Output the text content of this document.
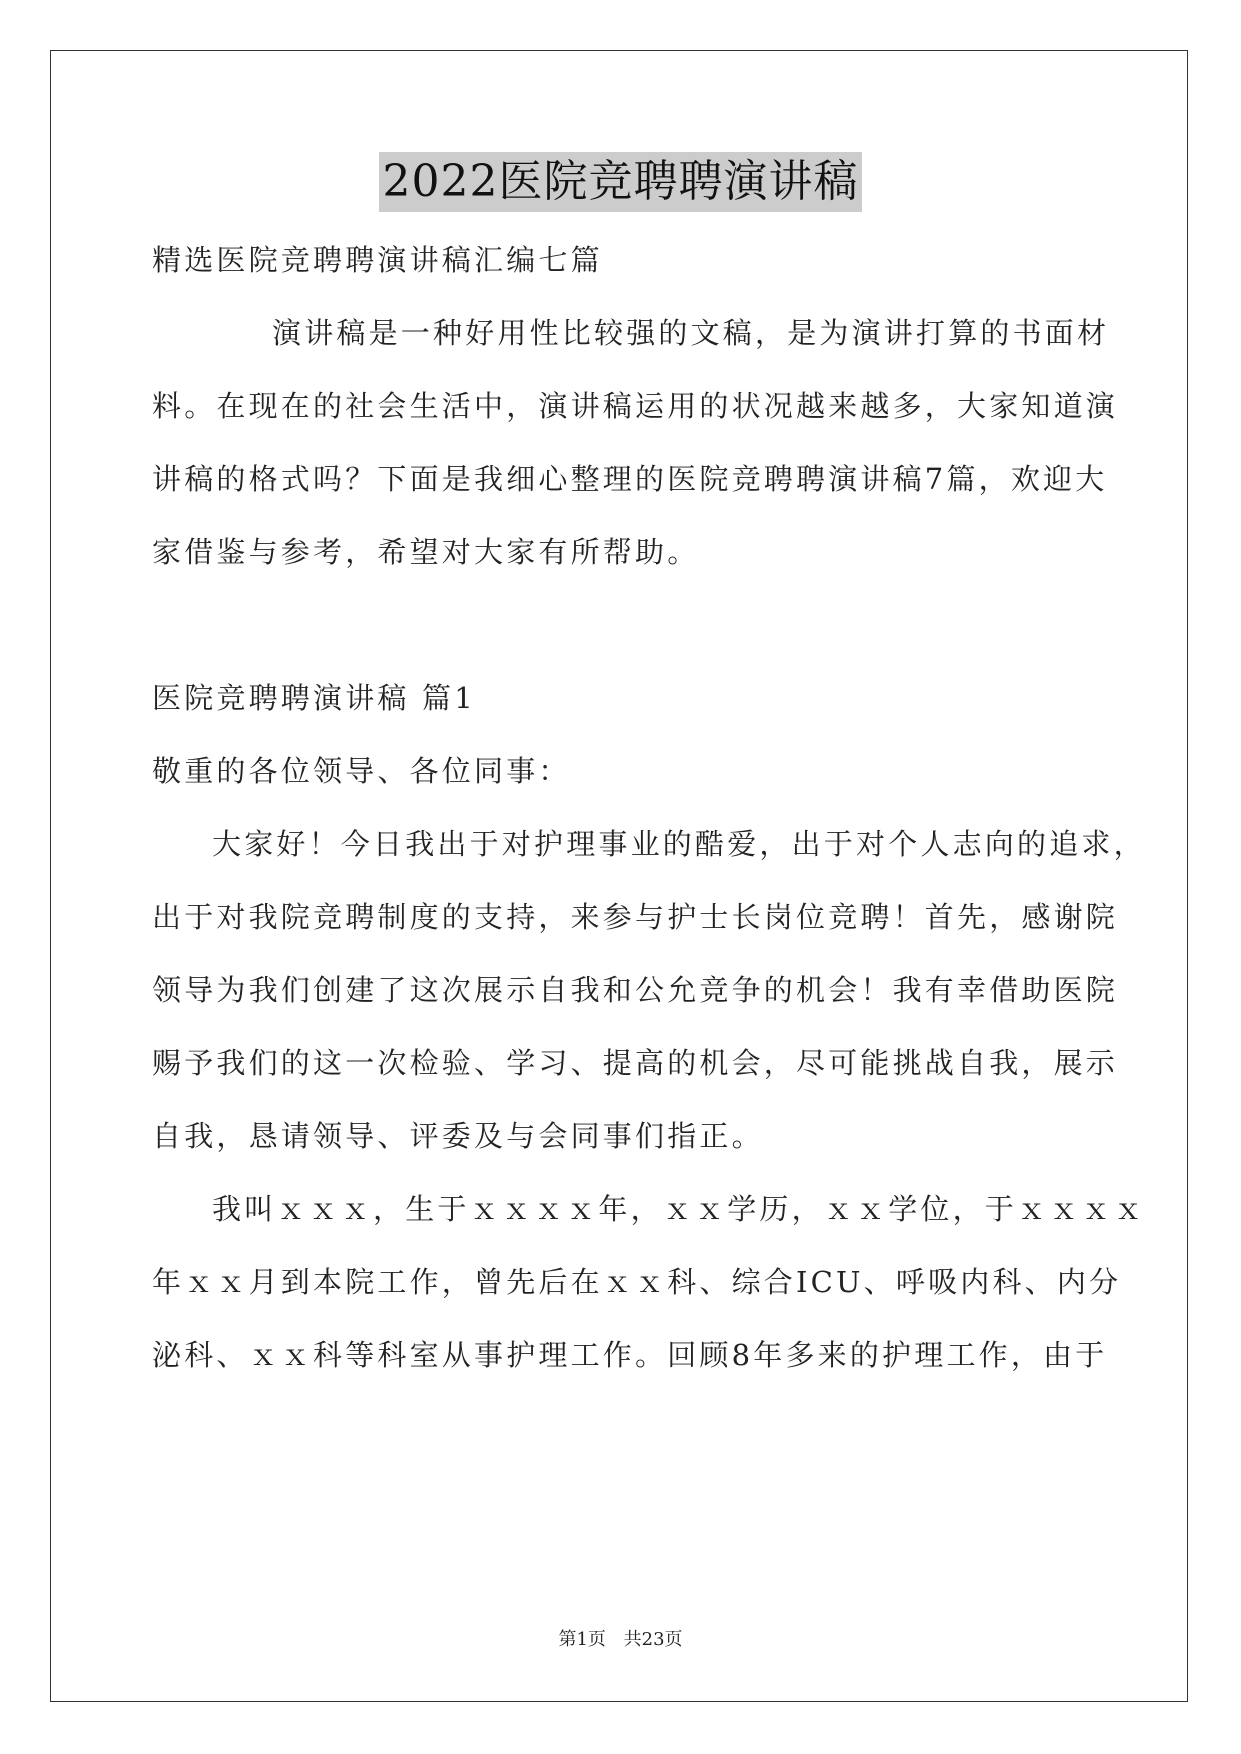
2022医院竞聘聘演讲稿
精选医院竞聘聘演讲稿汇编七篇
演讲稿是一种好用性比较强的文稿，是为演讲打算的书面材
料。在现在的社会生活中，演讲稿运用的状况越来越多，大家知道演
讲稿的格式吗？下面是我细心整理的医院竞聘聘演讲稿7篇，欢迎大
家借鉴与参考，希望对大家有所帮助。
医院竞聘聘演讲稿 篇1
敬重的各位领导、各位同事：
大家好！今日我出于对护理事业的酷爱，出于对个人志向的追求，
出于对我院竞聘制度的支持，来参与护士长岗位竞聘！首先，感谢院
领导为我们创建了这次展示自我和公允竞争的机会！我有幸借助医院
赐予我们的这一次检验、学习、提高的机会，尽可能挑战自我，展示
自我，恳请领导、评委及与会同事们指正。
我叫ｘｘｘ，生于ｘｘｘｘ年，ｘｘ学历，ｘｘ学位，于ｘｘｘｘ
年ｘｘ月到本院工作，曾先后在ｘｘ科、综合ICU、呼吸内科、内分
泌科、ｘｘ科等科室从事护理工作。回顾8年多来的护理工作，由于
第1页 共23页
